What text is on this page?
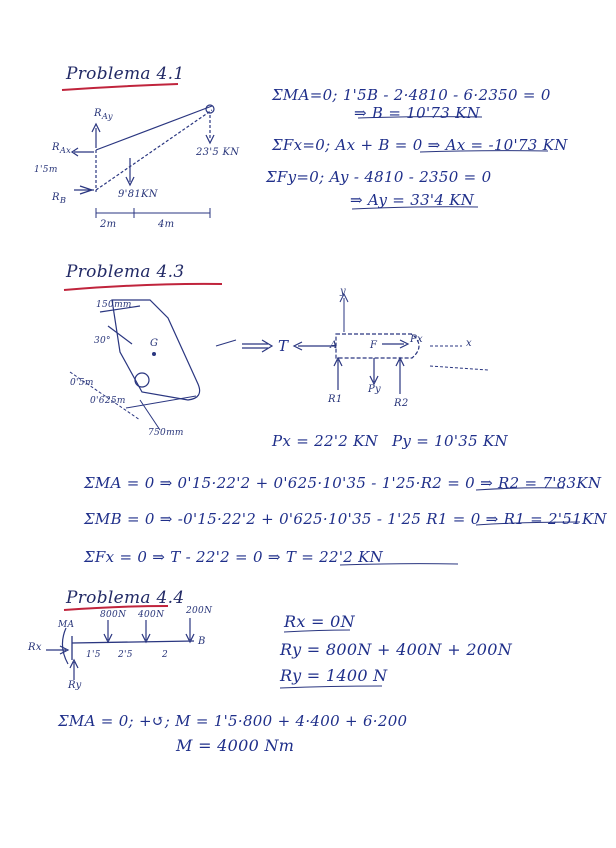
Problema 4.1
$R_{Ay}$
$R_{Ax}$
1'5m
$R_B$	9'81KN
23'5 KN
2m	4m
ΣMA=0; 1'5B - 2·4810 - 6·2350 = 0
⇒ B = 10'73 KN
ΣFx=0; Ax + B = 0 ⇒ Ax = -10'73 KN
ΣFy=0; Ay - 4810 - 2350 = 0
⇒ Ay = 33'4 KN
Problema 4.3
150mm
30°	G
0'5m
0'625m
750mm
y
x
T	A	F
Px
R1
Py
R2
Px = 22'2 KN Py = 10'35 KN
ΣMA = 0 ⇒ 0'15·22'2 + 0'625·10'35 - 1'25·R2 = 0 ⇒ R2 = 7'83KN
ΣMB = 0 ⇒ -0'15·22'2 + 0'625·10'35 - 1'25 R1 = 0 ⇒ R1 = 2'51KN
ΣFx = 0 ⇒ T - 22'2 = 0 ⇒ T = 22'2 KN
Problema 4.4
800N 400N 200N
MA
Rx
Ry
1'5 2'5	2
B
Rx = 0N
Ry = 800N + 400N + 200N
Ry = 1400 N
ΣMA = 0; +↺; M = 1'5·800 + 4·400 + 6·200
M = 4000 Nm
